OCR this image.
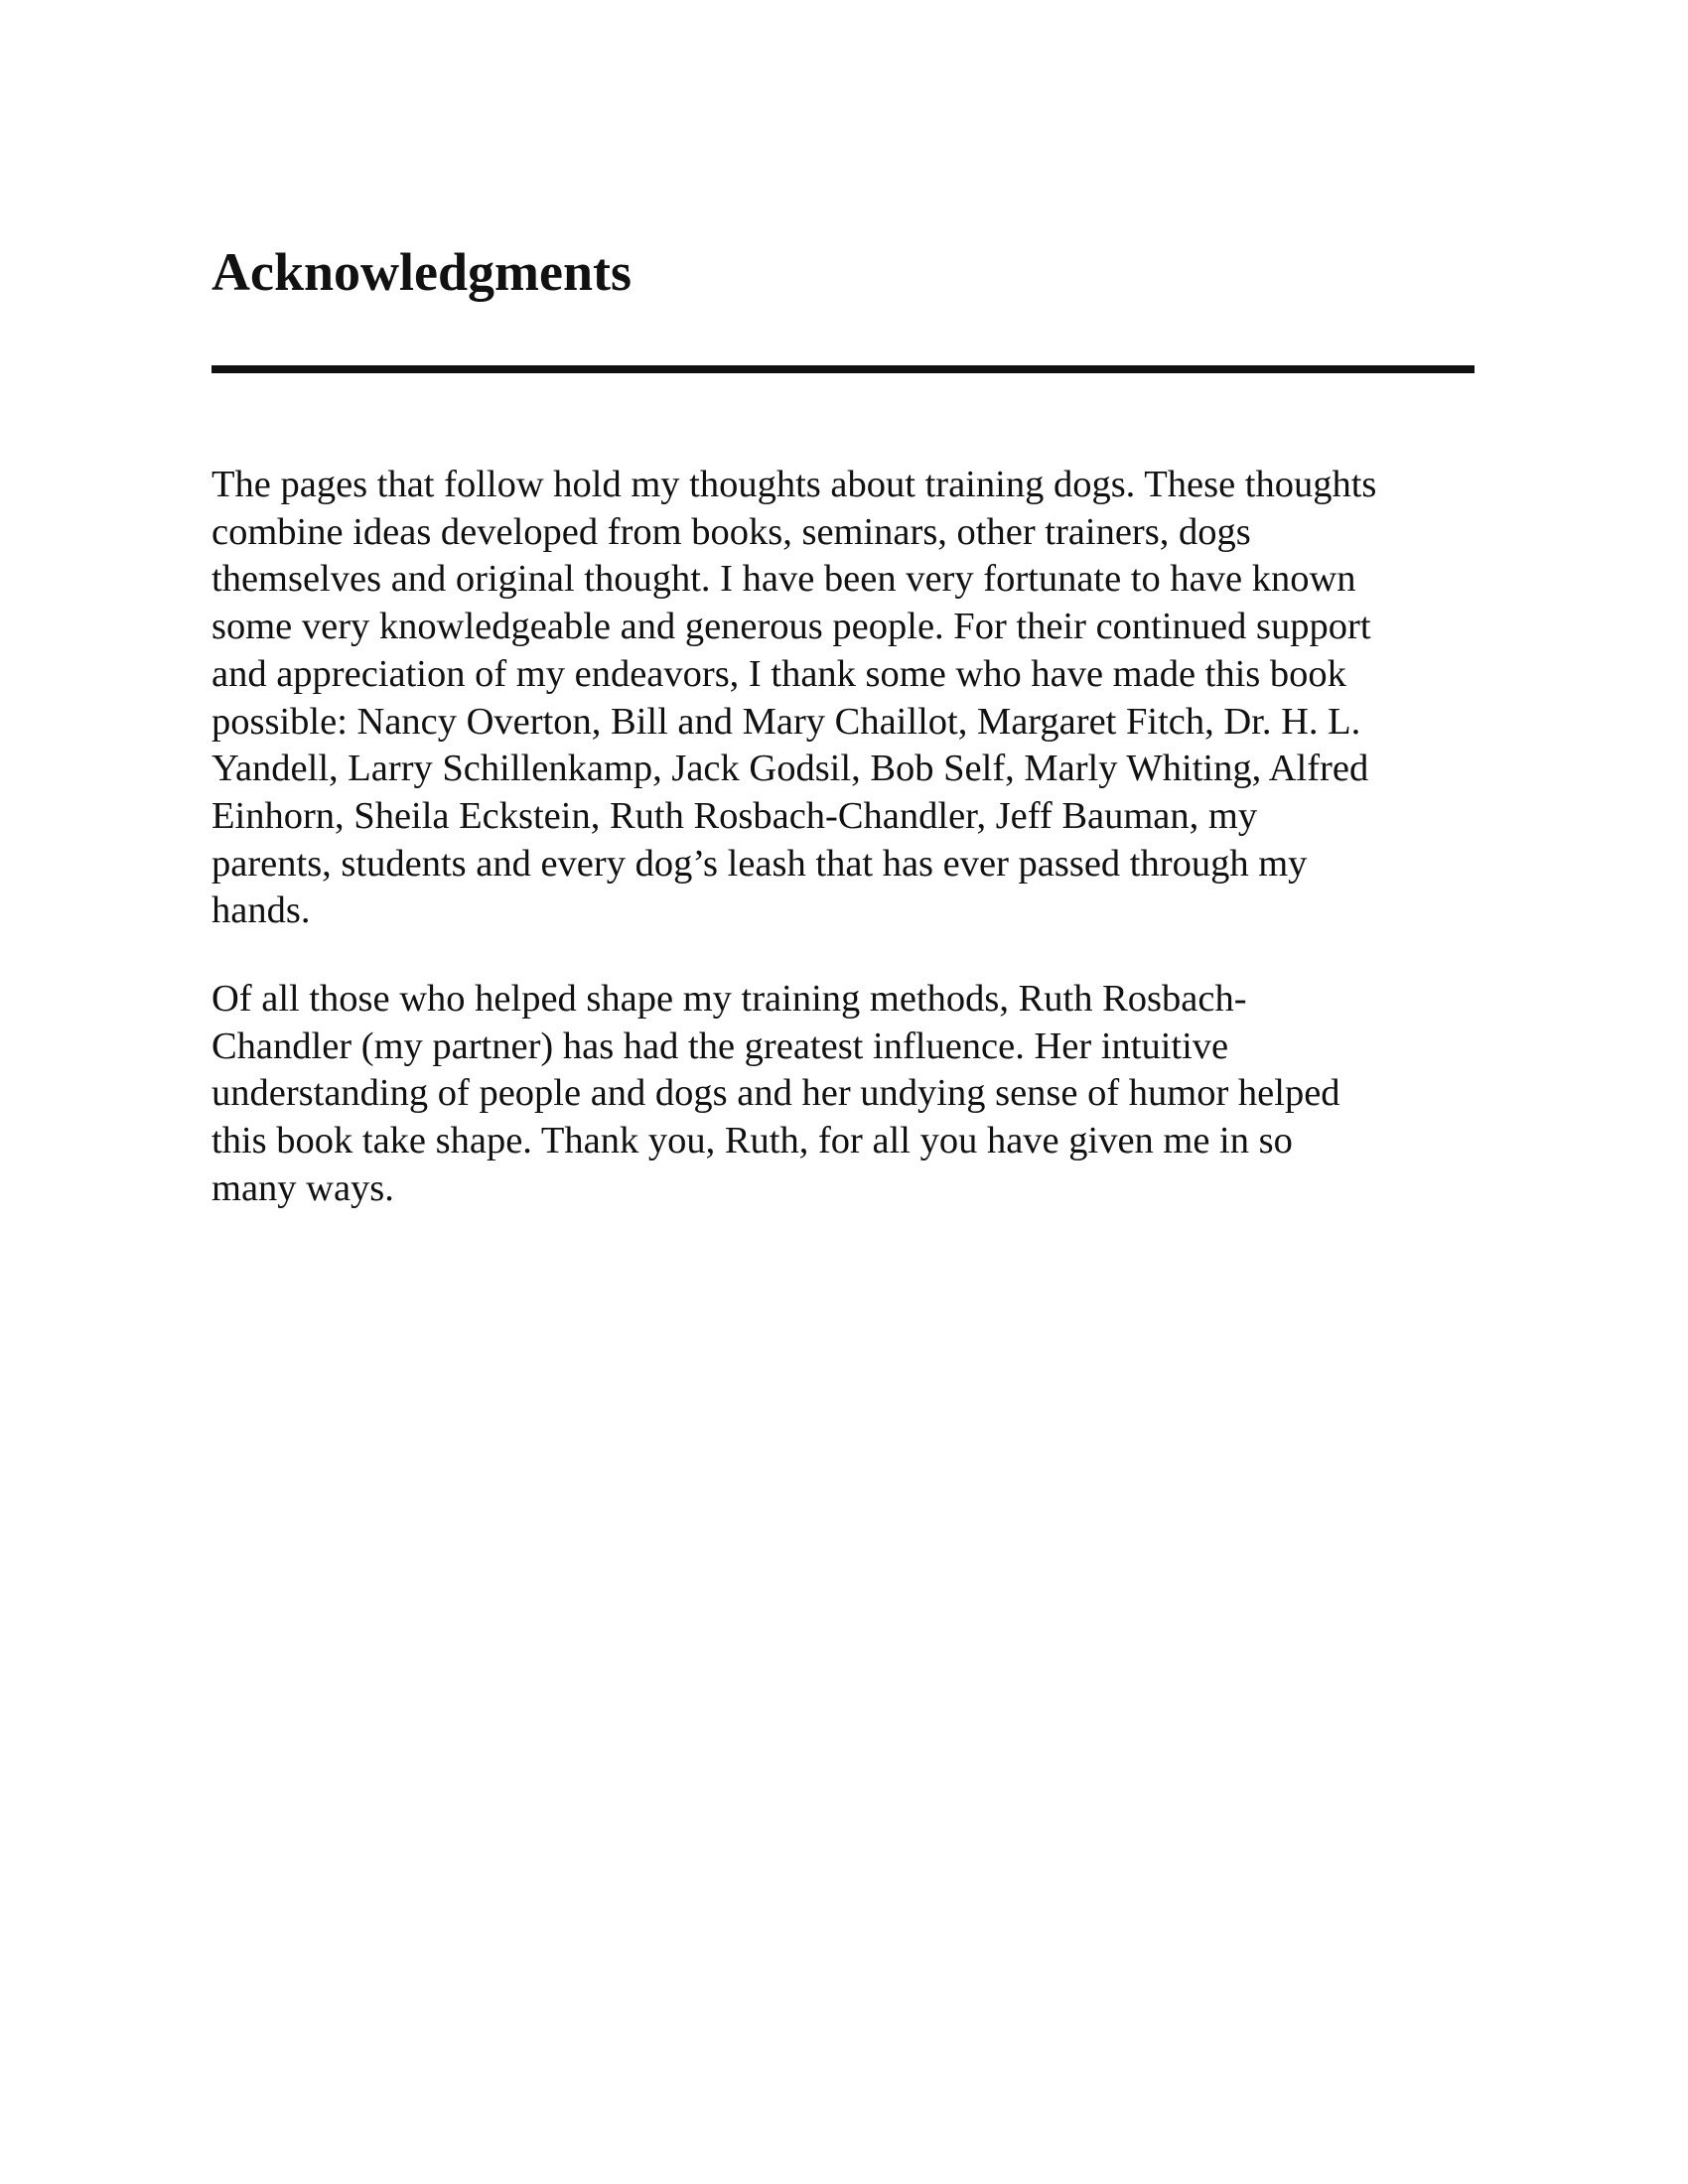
Acknowledgments

The pages that follow hold my thoughts about training dogs. These thoughts
combine ideas developed from books, seminars, other trainers, dogs
themselves and original thought. I have been very fortunate to have known
some very knowledgeable and generous people. For their continued support
and appreciation of my endeavors, I thank some who have made this book
possible: Nancy Overton, Bill and Mary Chaillot, Margaret Fitch, Dr. H. L.
Yandell, Larry Schillenkamp, Jack Godsil, Bob Self, Marly Whiting, Alfred
Einhorn, Sheila Eckstein, Ruth Rosbach-Chandler, Jeff Bauman, my
parents, students and every dog’s leash that has ever passed through my
hands.

Of all those who helped shape my training methods, Ruth Rosbach-
Chandler (my partner) has had the greatest influence. Her intuitive
understanding of people and dogs and her undying sense of humor helped
this book take shape. Thank you, Ruth, for all you have given me in so
many ways.
